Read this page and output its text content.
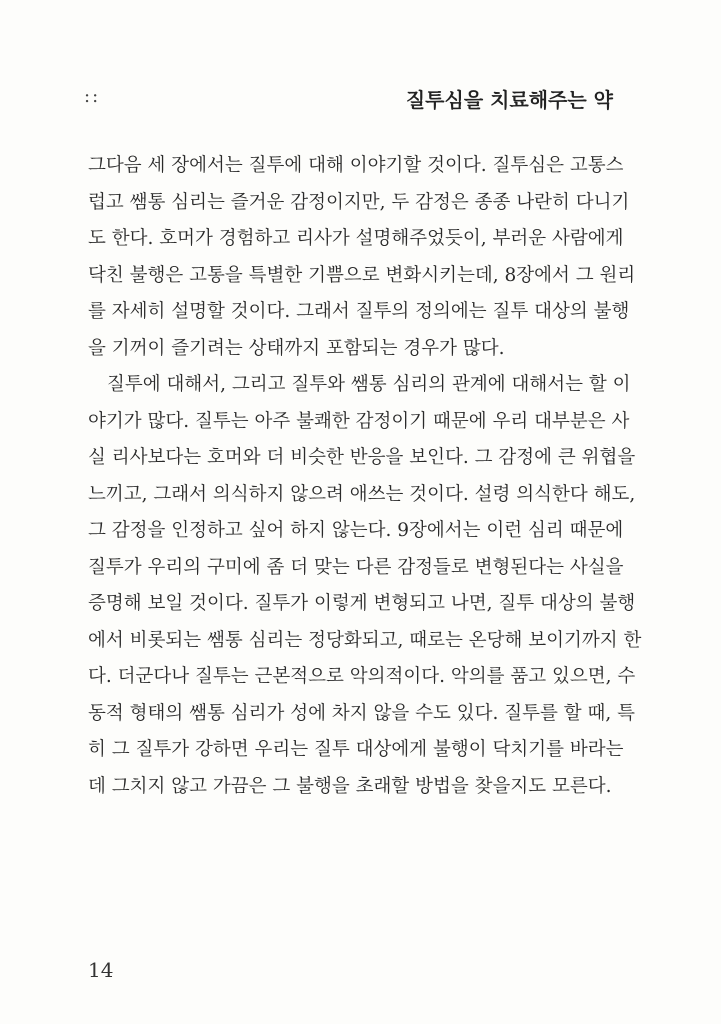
::	질투심을 치료해주는 약
그다음 세 장에서는 질투에 대해 이야기할 것이다. 질투심은 고통스
럽고 쌤통 심리는 즐거운 감정이지만, 두 감정은 종종 나란히 다니기
도 한다. 호머가 경험하고 리사가 설명해주었듯이, 부러운 사람에게
닥친 불행은 고통을 특별한 기쁨으로 변화시키는데, 8장에서 그 원리
를 자세히 설명할 것이다. 그래서 질투의 정의에는 질투 대상의 불행
을 기꺼이 즐기려는 상태까지 포함되는 경우가 많다.
질투에 대해서, 그리고 질투와 쌤통 심리의 관계에 대해서는 할 이
야기가 많다. 질투는 아주 불쾌한 감정이기 때문에 우리 대부분은 사
실 리사보다는 호머와 더 비슷한 반응을 보인다. 그 감정에 큰 위협을
느끼고, 그래서 의식하지 않으려 애쓰는 것이다. 설령 의식한다 해도,
그 감정을 인정하고 싶어 하지 않는다. 9장에서는 이런 심리 때문에
질투가 우리의 구미에 좀 더 맞는 다른 감정들로 변형된다는 사실을
증명해 보일 것이다. 질투가 이렇게 변형되고 나면, 질투 대상의 불행
에서 비롯되는 쌤통 심리는 정당화되고, 때로는 온당해 보이기까지 한
다. 더군다나 질투는 근본적으로 악의적이다. 악의를 품고 있으면, 수
동적 형태의 쌤통 심리가 성에 차지 않을 수도 있다. 질투를 할 때, 특
히 그 질투가 강하면 우리는 질투 대상에게 불행이 닥치기를 바라는
데 그치지 않고 가끔은 그 불행을 초래할 방법을 찾을지도 모른다.
14
